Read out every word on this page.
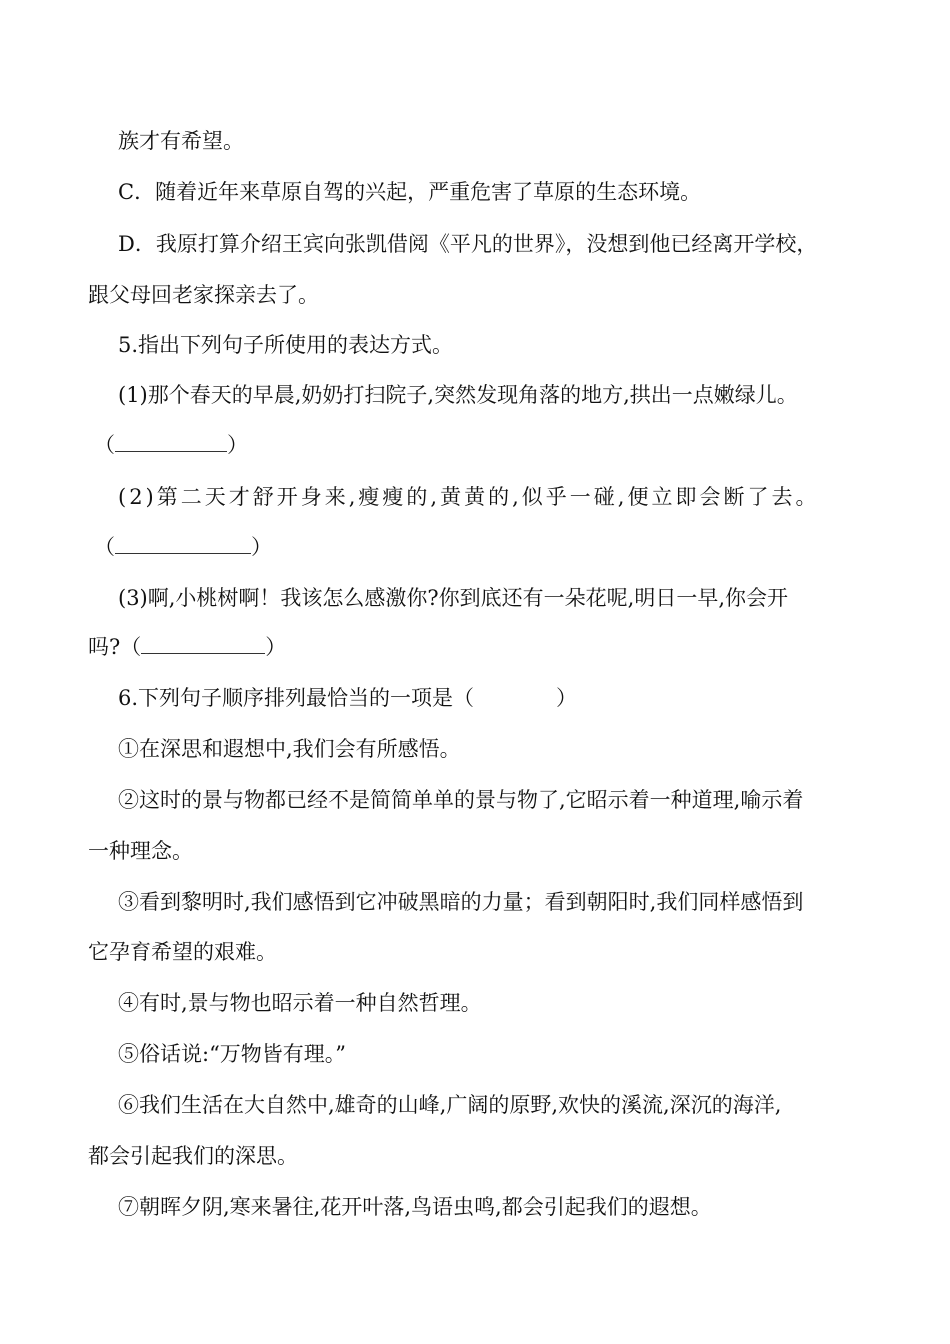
族才有希望。
C．随着近年来草原自驾的兴起，严重危害了草原的生态环境。
D．我原打算介绍王宾向张凯借阅《平凡的世界》，没想到他已经离开学校，
跟父母回老家探亲去了。
5.指出下列句子所使用的表达方式。
(1)那个春天的早晨,奶奶打扫院子,突然发现角落的地方,拱出一点嫩绿儿。
（	）
(2)第二天才舒开身来,瘦瘦的,黄黄的,似乎一碰,便立即会断了去。
（	）
(3)啊,小桃树啊！我该怎么感激你?你到底还有一朵花呢,明日一早,你会开
吗?（	）
6.下列句子顺序排列最恰当的一项是（	）
①在深思和遐想中,我们会有所感悟。
②这时的景与物都已经不是简简单单的景与物了,它昭示着一种道理,喻示着
一种理念。
③看到黎明时,我们感悟到它冲破黑暗的力量；看到朝阳时,我们同样感悟到
它孕育希望的艰难。
④有时,景与物也昭示着一种自然哲理。
⑤俗话说:“万物皆有理。”
⑥我们生活在大自然中,雄奇的山峰,广阔的原野,欢快的溪流,深沉的海洋,
都会引起我们的深思。
⑦朝晖夕阴,寒来暑往,花开叶落,鸟语虫鸣,都会引起我们的遐想。
